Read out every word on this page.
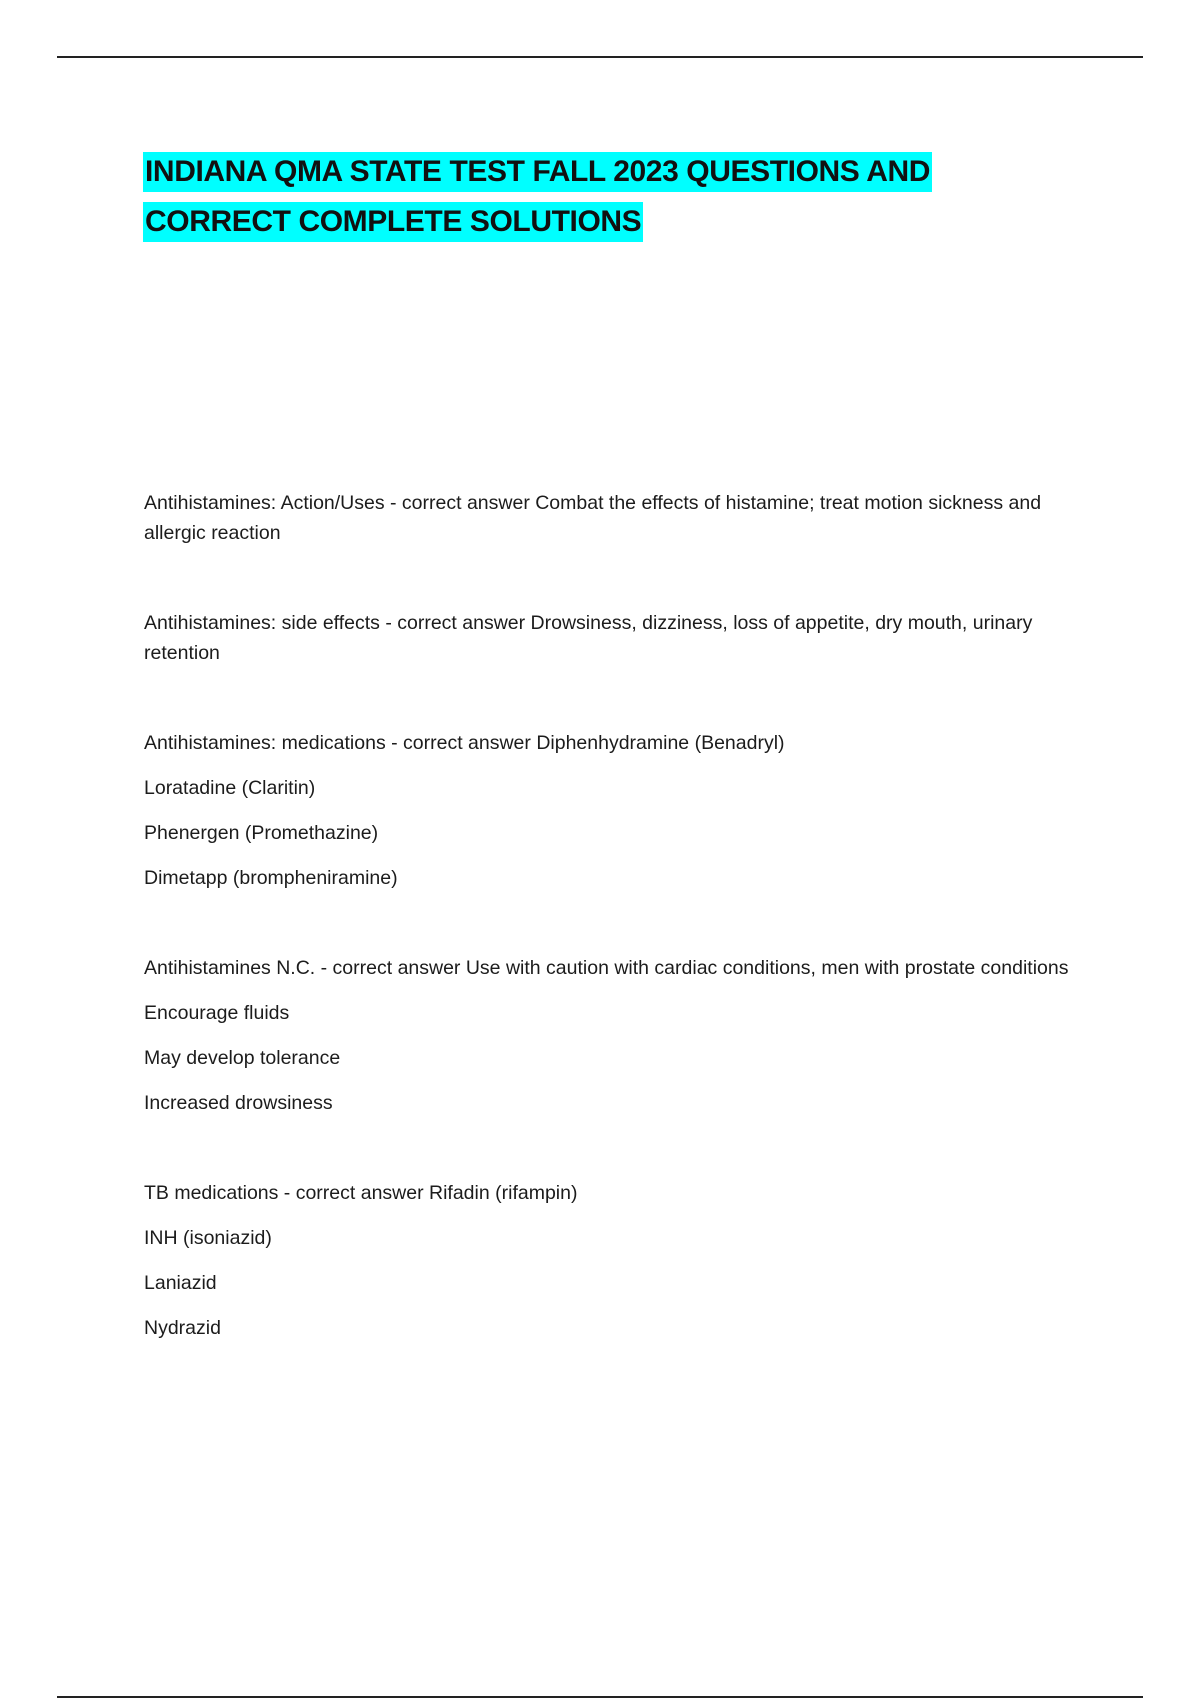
INDIANA QMA STATE TEST FALL 2023 QUESTIONS AND
CORRECT COMPLETE SOLUTIONS

Antihistamines: Action/Uses - correct answer Combat the effects of histamine; treat motion sickness and allergic reaction

Antihistamines: side effects - correct answer Drowsiness, dizziness, loss of appetite, dry mouth, urinary retention

Antihistamines: medications - correct answer Diphenhydramine (Benadryl)

Loratadine (Claritin)

Phenergen (Promethazine)

Dimetapp (brompheniramine)

Antihistamines N.C. - correct answer Use with caution with cardiac conditions, men with prostate conditions

Encourage fluids

May develop tolerance

Increased drowsiness

TB medications - correct answer Rifadin (rifampin)

INH (isoniazid)

Laniazid

Nydrazid
